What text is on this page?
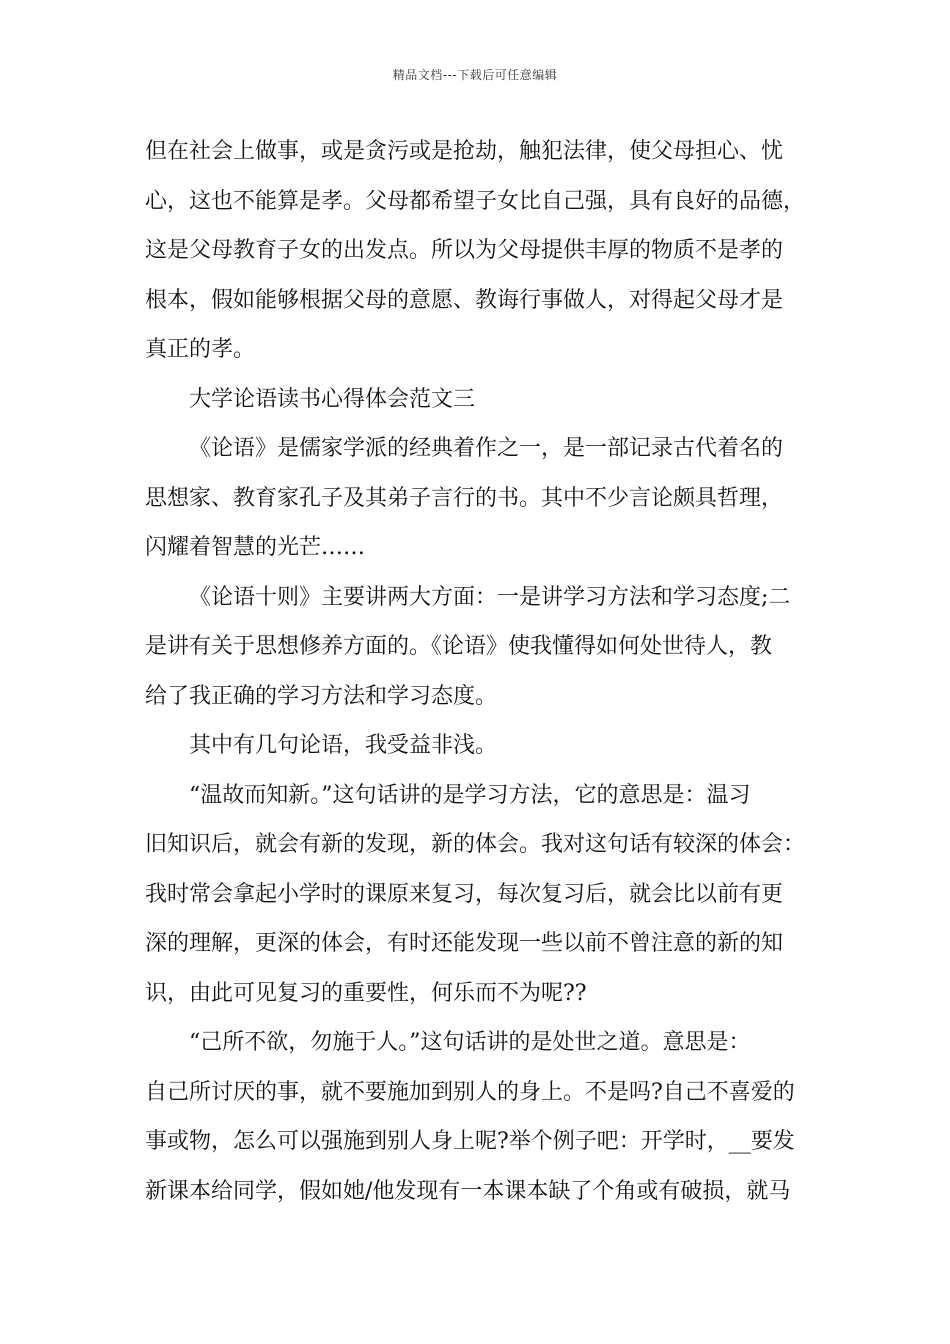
精品文档---下载后可任意编辑
但在社会上做事，或是贪污或是抢劫，触犯法律，使父母担心、忧
心，这也不能算是孝。父母都希望子女比自己强，具有良好的品德，
这是父母教育子女的出发点。所以为父母提供丰厚的物质不是孝的
根本，假如能够根据父母的意愿、教诲行事做人，对得起父母才是
真正的孝。
大学论语读书心得体会范文三
《论语》是儒家学派的经典着作之一，是一部记录古代着名的
思想家、教育家孔子及其弟子言行的书。其中不少言论颇具哲理，
闪耀着智慧的光芒……
《论语十则》主要讲两大方面：一是讲学习方法和学习态度;二
是讲有关于思想修养方面的。《论语》使我懂得如何处世待人，教
给了我正确的学习方法和学习态度。
其中有几句论语，我受益非浅。
“温故而知新。”这句话讲的是学习方法，它的意思是：温习
旧知识后，就会有新的发现，新的体会。我对这句话有较深的体会：
我时常会拿起小学时的课原来复习，每次复习后，就会比以前有更
深的理解，更深的体会，有时还能发现一些以前不曾注意的新的知
识，由此可见复习的重要性，何乐而不为呢??
“己所不欲，勿施于人。”这句话讲的是处世之道。意思是：
自己所讨厌的事，就不要施加到别人的身上。不是吗?自己不喜爱的
事或物，怎么可以强施到别人身上呢?举个例子吧：开学时，__要发
新课本给同学，假如她/他发现有一本课本缺了个角或有破损，就马
